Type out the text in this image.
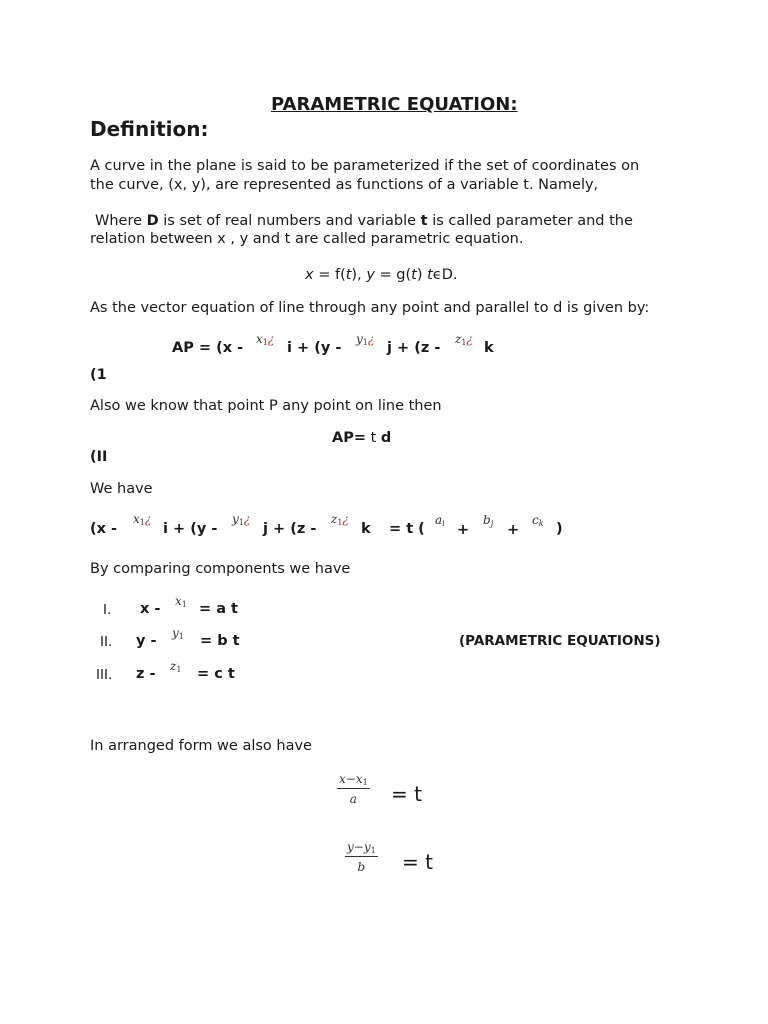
PARAMETRIC EQUATION:
Definition:
A curve in the plane is said to be parameterized if the set of coordinates on
the curve, (x, y), are represented as functions of a variable t. Namely,
Where D is set of real numbers and variable t is called parameter and the
relation between x , y and t are called parametric equation.
x = f(t), y = g(t) tϵD.
As the vector equation of line through any point and parallel to d is given by:
AP = (x -
$x_1¿$
i + (y -
$y_1¿$
j + (z -
$z_1¿$
k
(1
Also we know that point P any point on line then
AP= t d
(II
We have
(x -
$x_1¿$
i + (y -
$y_1¿$
j + (z -
$z_1¿$
k = t (
$a_i$ +
$b_j$ +
$c_k$ )
By comparing components we have
I. $x - x_1 = a$ t
II. $y - y_1 = b$ t	(PARAMETRIC EQUATIONS)
III. $z - z_1 = c$ t
In arranged form we also have
$\frac{x-x_1}{a} = t$
$\frac{y-y_1}{b} = t$
